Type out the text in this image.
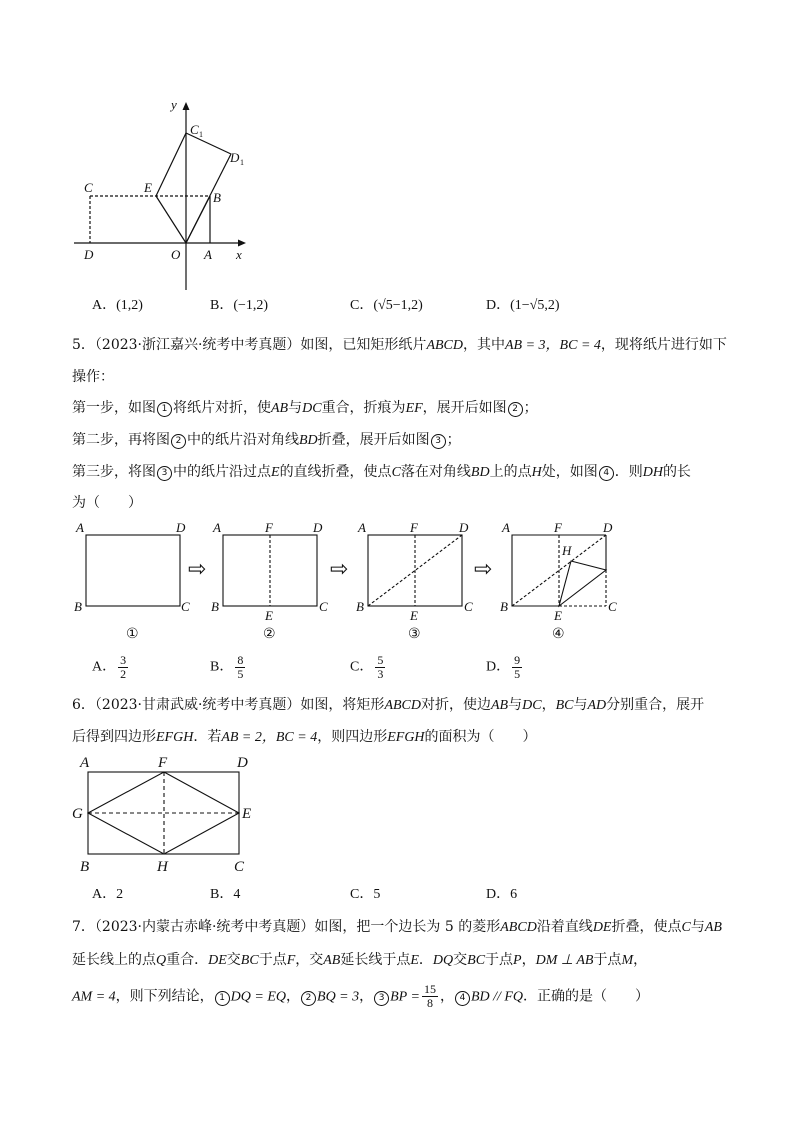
y
x
C 1
D 1
C	E
B
D	O A
A．(1,2)	B．(−1,2)	C．(√5−1,2)	D．(1−√5,2)
5．（2023·浙江嘉兴·统考中考真题）如图，已知矩形纸片ABCD，其中AB = 3，BC = 4，现将纸片进行如下
操作：
第一步，如图 1 将纸片对折，使AB与DC重合，折痕为EF，展开后如图 2 ；
第二步，再将图 2 中的纸片沿对角线BD折叠，展开后如图 3 ；
第三步，将图 3 中的纸片沿过点E的直线折叠，使点C落在对角线BD上的点H处，如图 4 ．则DH的长
为（　　）
⇨	⇨	⇨
A	D
B	C
A	F	D
B
E
C
A	F	D
B
E
C
A	F	D
H
B
E
C
①	②	③	④
A． $\frac{3}{2}$	B． $\frac{8}{5}$	C． $\frac{5}{3}$	D． $\frac{9}{5}$
6．（2023·甘肃武威·统考中考真题）如图，将矩形ABCD对折，使边AB与DC，BC与AD分别重合，展开
后得到四边形EFGH．若AB = 2，BC = 4，则四边形EFGH的面积为（　　）
A	F	D
G	E
B	H	C
A．2	B．4	C．5	D．6
7．（2023·内蒙古赤峰·统考中考真题）如图，把一个边长为 5 的菱形ABCD沿着直线DE折叠，使点C与AB
延长线上的点Q重合．DE交BC于点F，交AB延长线于点E．DQ交BC于点P，DM ⊥ AB于点M，
AM = 4，则下列结论， 1 DQ = EQ， 2 BQ = 3， 3 BP = $\frac{15}{8}$ ， 4 BD // FQ．正确的是（　　）
